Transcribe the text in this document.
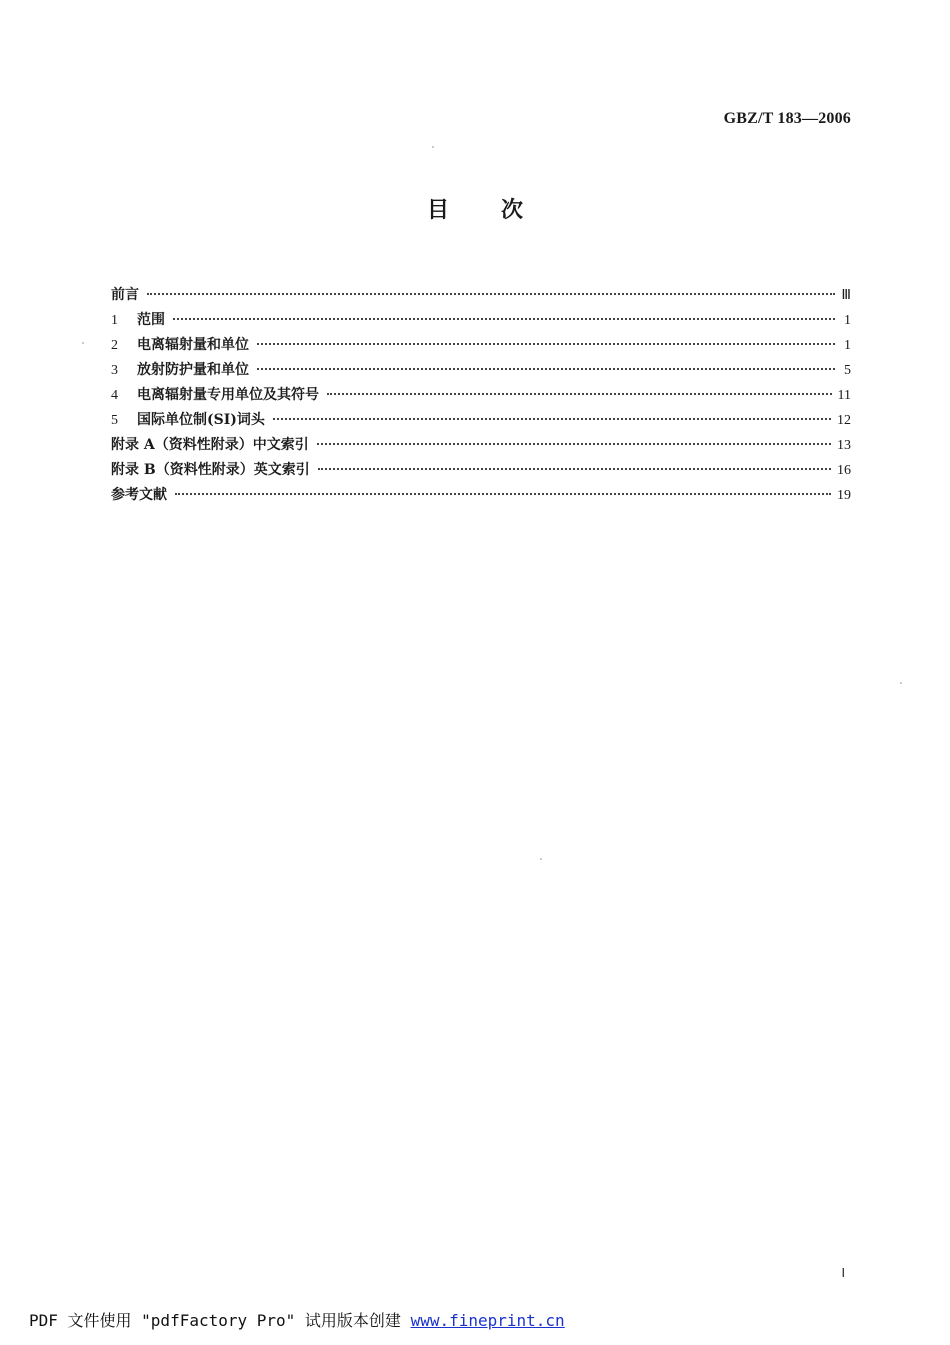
GBZ/T 183—2006
目 次
前言	Ⅲ
1	范围	1
2	电离辐射量和单位	1
3	放射防护量和单位	5
4	电离辐射量专用单位及其符号	11
5	国际单位制(SI)词头	12
附录 A（资料性附录）中文索引	13
附录 B（资料性附录）英文索引	16
参考文献	19
Ⅰ
PDF 文件使用 "pdfFactory Pro" 试用版本创建 www.fineprint.cn
